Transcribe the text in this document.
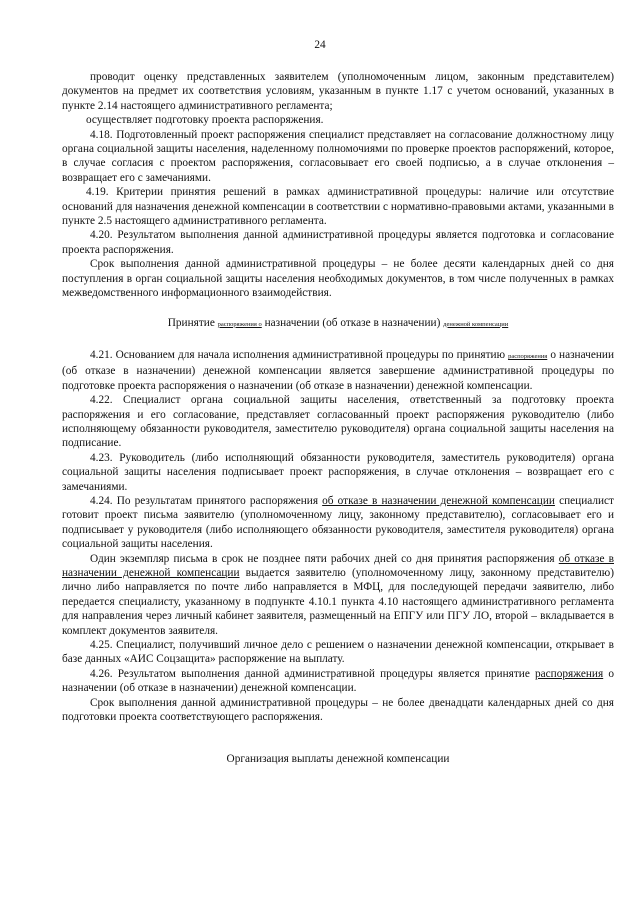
24

проводит оценку представленных заявителем (уполномоченным лицом, законным представителем) документов на предмет их соответствия условиям, указанным в пункте 1.17 с учетом оснований, указанных в пункте 2.14 настоящего административного регламента;

осуществляет подготовку проекта распоряжения.

4.18. Подготовленный проект распоряжения специалист представляет на согласование должностному лицу органа социальной защиты населения, наделенному полномочиями по проверке проектов распоряжений, которое, в случае согласия с проектом распоряжения, согласовывает его своей подписью, а в случае отклонения – возвращает его с замечаниями.

4.19. Критерии принятия решений в рамках административной процедуры: наличие или отсутствие оснований для назначения денежной компенсации в соответствии с нормативно-правовыми актами, указанными в пункте 2.5 настоящего административного регламента.

4.20. Результатом выполнения данной административной процедуры является подготовка и согласование проекта распоряжения.

Срок выполнения данной административной процедуры – не более десяти календарных дней со дня поступления в орган социальной защиты населения необходимых документов, в том числе полученных в рамках межведомственного информационного взаимодействия.

Принятие распоряжения о назначении (об отказе в назначении) денежной компенсации

4.21. Основанием для начала исполнения административной процедуры по принятию распоряжения о назначении (об отказе в назначении) денежной компенсации является завершение административной процедуры по подготовке проекта распоряжения о назначении (об отказе в назначении) денежной компенсации.

4.22. Специалист органа социальной защиты населения, ответственный за подготовку проекта распоряжения и его согласование, представляет согласованный проект распоряжения руководителю (либо исполняющему обязанности руководителя, заместителю руководителя) органа социальной защиты населения на подписание.

4.23. Руководитель (либо исполняющий обязанности руководителя, заместитель руководителя) органа социальной защиты населения подписывает проект распоряжения, в случае отклонения – возвращает его с замечаниями.

4.24. По результатам принятого распоряжения об отказе в назначении денежной компенсации специалист готовит проект письма заявителю (уполномоченному лицу, законному представителю), согласовывает его и подписывает у руководителя (либо исполняющего обязанности руководителя, заместителя руководителя) органа социальной защиты населения.

Один экземпляр письма в срок не позднее пяти рабочих дней со дня принятия распоряжения об отказе в назначении денежной компенсации выдается заявителю (уполномоченному лицу, законному представителю) лично либо направляется по почте либо направляется в МФЦ, для последующей передачи заявителю, либо передается специалисту, указанному в подпункте 4.10.1 пункта 4.10 настоящего административного регламента для направления через личный кабинет заявителя, размещенный на ЕПГУ или ПГУ ЛО, второй – вкладывается в комплект документов заявителя.

4.25. Специалист, получивший личное дело с решением о назначении денежной компенсации, открывает в базе данных «АИС Соцзащита» распоряжение на выплату.

4.26. Результатом выполнения данной административной процедуры является принятие распоряжения о назначении (об отказе в назначении) денежной компенсации.

Срок выполнения данной административной процедуры – не более двенадцати календарных дней со дня подготовки проекта соответствующего распоряжения.

Организация выплаты денежной компенсации
